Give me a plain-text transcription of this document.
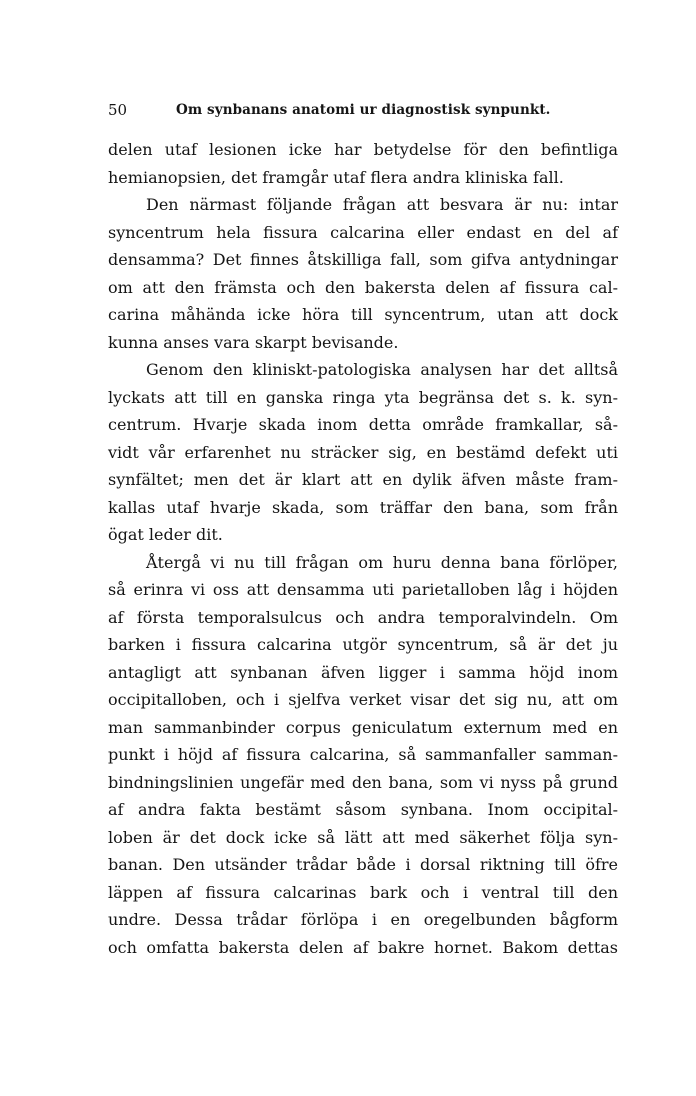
50	Om synbanans anatomi ur diagnostisk synpunkt.
delen utaf lesionen icke har betydelse för den befintliga
hemianopsien, det framgår utaf flera andra kliniska fall.
Den närmast följande frågan att besvara är nu: intar
syncentrum hela fissura calcarina eller endast en del af
densamma? Det finnes åtskilliga fall, som gifva antydningar
om att den främsta och den bakersta delen af fissura cal-
carina måhända icke höra till syncentrum, utan att dock
kunna anses vara skarpt bevisande.
Genom den kliniskt-patologiska analysen har det alltså
lyckats att till en ganska ringa yta begränsa det s. k. syn-
centrum. Hvarje skada inom detta område framkallar, så-
vidt vår erfarenhet nu sträcker sig, en bestämd defekt uti
synfältet; men det är klart att en dylik äfven måste fram-
kallas utaf hvarje skada, som träffar den bana, som från
ögat leder dit.
Återgå vi nu till frågan om huru denna bana förlöper,
så erinra vi oss att densamma uti parietalloben låg i höjden
af första temporalsulcus och andra temporalvindeln. Om
barken i fissura calcarina utgör syncentrum, så är det ju
antagligt att synbanan äfven ligger i samma höjd inom
occipitalloben, och i sjelfva verket visar det sig nu, att om
man sammanbinder corpus geniculatum externum med en
punkt i höjd af fissura calcarina, så sammanfaller samman-
bindningslinien ungefär med den bana, som vi nyss på grund
af andra fakta bestämt såsom synbana. Inom occipital-
loben är det dock icke så lätt att med säkerhet följa syn-
banan. Den utsänder trådar både i dorsal riktning till öfre
läppen af fissura calcarinas bark och i ventral till den
undre. Dessa trådar förlöpa i en oregelbunden bågform
och omfatta bakersta delen af bakre hornet. Bakom dettas
